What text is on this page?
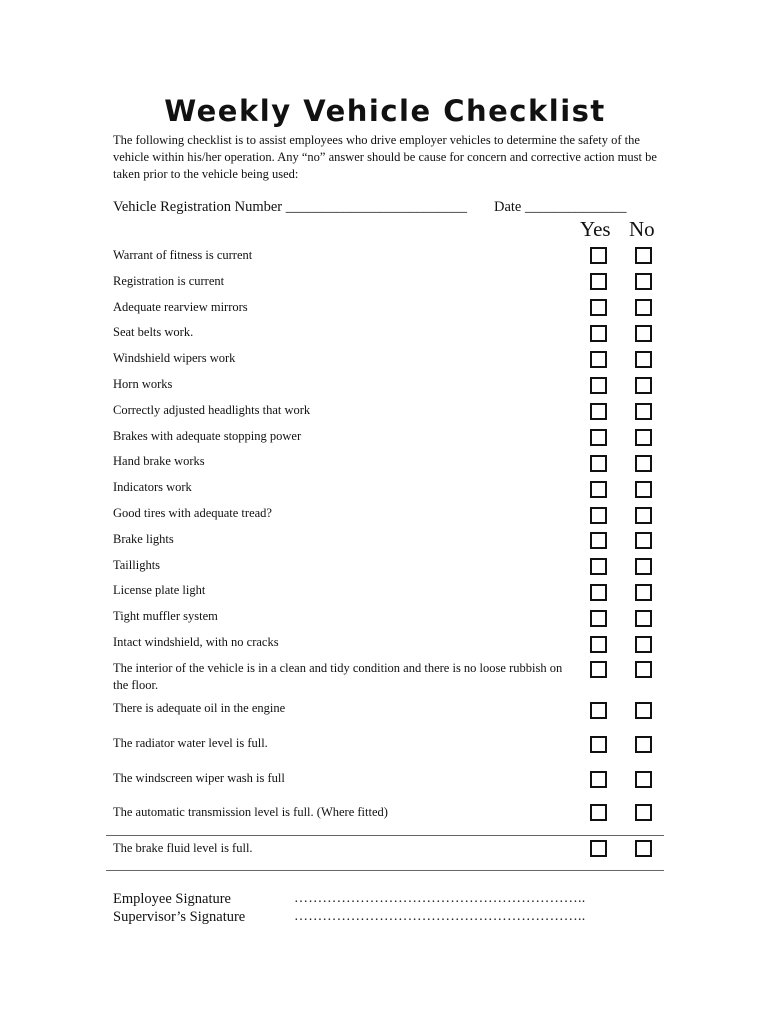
Weekly Vehicle Checklist
The following checklist is to assist employees who drive employer vehicles to determine the safety of the vehicle within his/her operation. Any “no” answer should be cause for concern and corrective action must be taken prior to the vehicle being used:
Vehicle Registration Number _________________________ Date ______________
Yes No
Warrant of fitness is current
Registration is current
Adequate rearview mirrors
Seat belts work.
Windshield wipers work
Horn works
Correctly adjusted headlights that work
Brakes with adequate stopping power
Hand brake works
Indicators work
Good tires with adequate tread?
Brake lights
Taillights
License plate light
Tight muffler system
Intact windshield, with no cracks
The interior of the vehicle is in a clean and tidy condition and there is no loose rubbish on the floor.
There is adequate oil in the engine
The radiator water level is full.
The windscreen wiper wash is full
The automatic transmission level is full. (Where fitted)
The brake fluid level is full.
Employee Signature	……………………………………………………..
Supervisor’s Signature	……………………………………………………..
